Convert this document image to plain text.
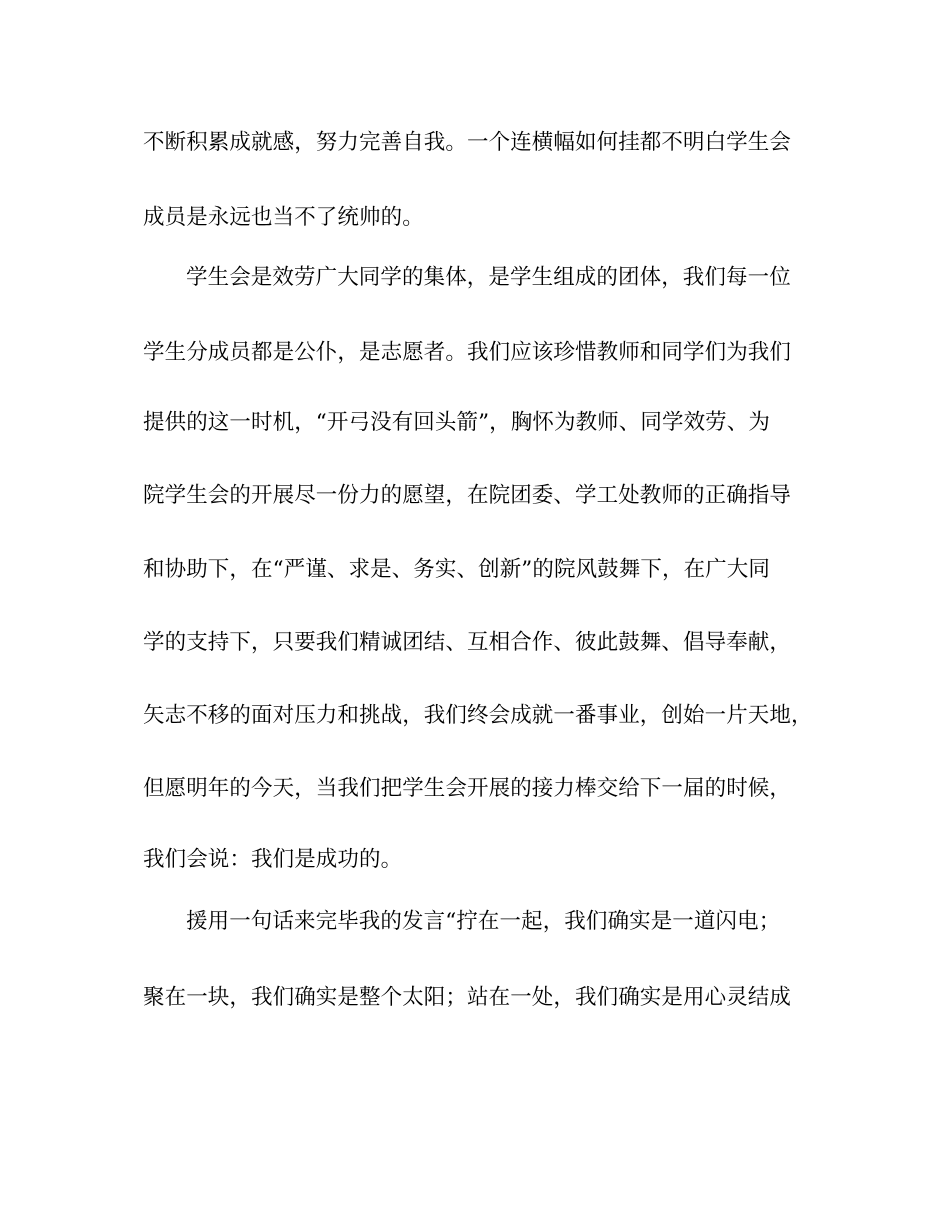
不断积累成就感，努力完善自我。一个连横幅如何挂都不明白学生会
成员是永远也当不了统帅的。
学生会是效劳广大同学的集体，是学生组成的团体，我们每一位
学生分成员都是公仆，是志愿者。我们应该珍惜教师和同学们为我们
提供的这一时机，“开弓没有回头箭”，胸怀为教师、同学效劳、为
院学生会的开展尽一份力的愿望，在院团委、学工处教师的正确指导
和协助下，在“严谨、求是、务实、创新”的院风鼓舞下，在广大同
学的支持下，只要我们精诚团结、互相合作、彼此鼓舞、倡导奉献，
矢志不移的面对压力和挑战，我们终会成就一番事业，创始一片天地，
但愿明年的今天，当我们把学生会开展的接力棒交给下一届的时候，
我们会说：我们是成功的。
援用一句话来完毕我的发言“拧在一起，我们确实是一道闪电；
聚在一块，我们确实是整个太阳；站在一处，我们确实是用心灵结成
